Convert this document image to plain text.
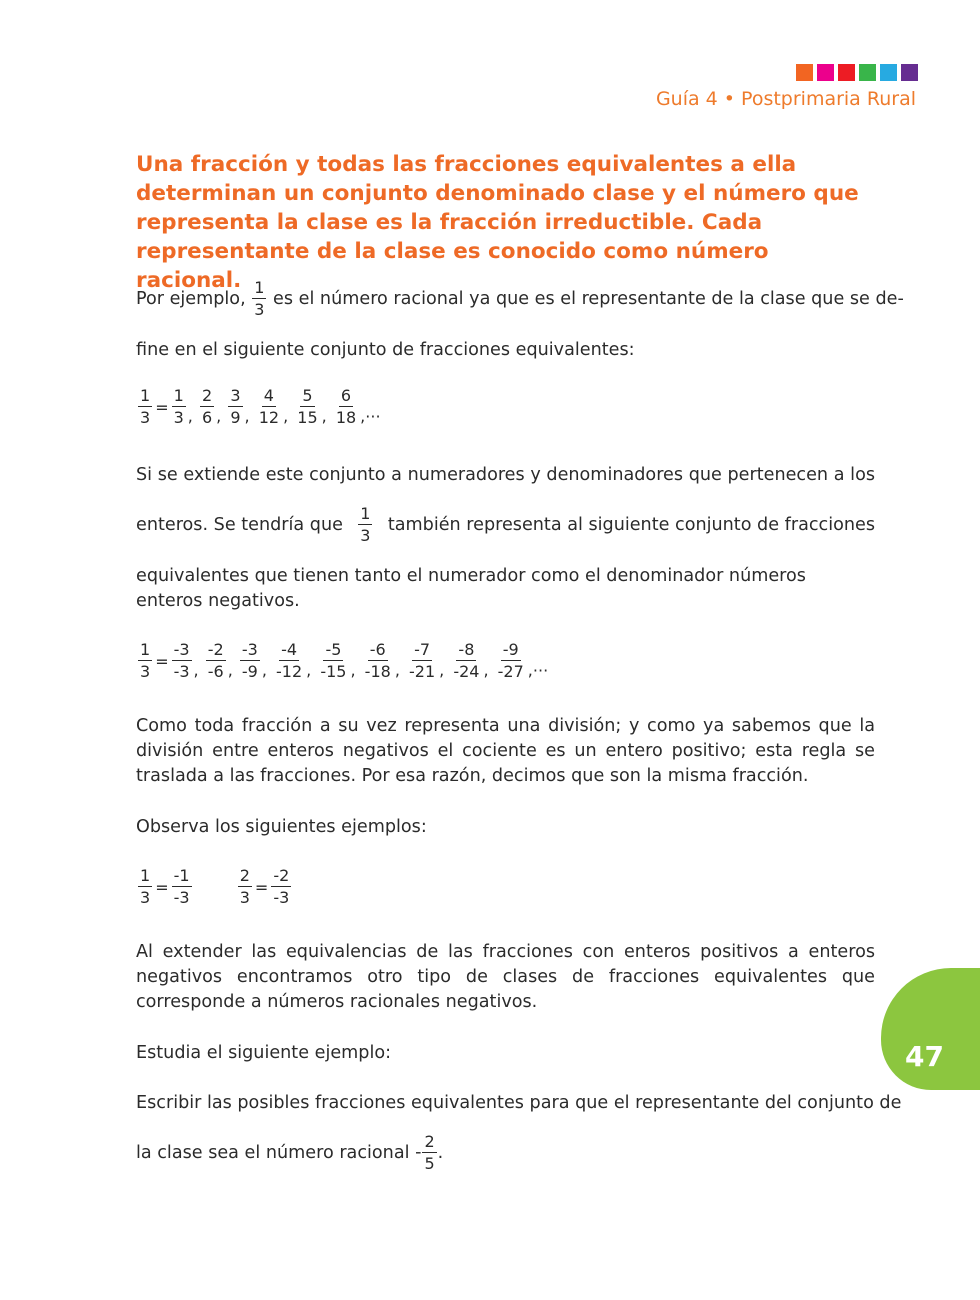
Guía 4 • Postprimaria Rural
Una fracción y todas las fracciones equivalentes a ella determinan un conjunto denominado clase y el número que representa la clase es la fracción irreductible. Cada representante de la clase es conocido como número racional.
Por ejemplo, $\frac{1}{3}$ es el número racional ya que es el representante de la clase que se de-
fine en el siguiente conjunto de fracciones equivalentes:
$\frac{1}{3} = \frac{1}{3}$ , $\frac{2}{6}$ , $\frac{3}{9}$ , $\frac{4}{12}$ , $\frac{5}{15}$ , $\frac{6}{18}$ ,...
Si se extiende este conjunto a numeradores y denominadores que pertenecen a los
enteros. Se tendría que $\frac{1}{3}$ también representa al siguiente conjunto de fracciones
equivalentes que tienen tanto el numerador como el denominador números enteros negativos.
$\frac{1}{3} = \frac{-3}{-3}$ , $\frac{-2}{-6}$ , $\frac{-3}{-9}$ , $\frac{-4}{-12}$ , $\frac{-5}{-15}$ , $\frac{-6}{-18}$ , $\frac{-7}{-21}$ , $\frac{-8}{-24}$ , $\frac{-9}{-27}$ ,...
Como toda fracción a su vez representa una división; y como ya sabemos que la división entre enteros negativos el cociente es un entero positivo; esta regla se traslada a las fracciones. Por esa razón, decimos que son la misma fracción.
Observa los siguientes ejemplos:
$\frac{1}{3} = \frac{-1}{-3}$
	$\frac{2}{3} = \frac{-2}{-3}$
Al extender las equivalencias de las fracciones con enteros positivos a enteros negativos encontramos otro tipo de clases de fracciones equivalentes que corresponde a números racionales negativos.
Estudia el siguiente ejemplo:
Escribir las posibles fracciones equivalentes para que el representante del conjunto de
la clase sea el número racional - $\frac{2}{5}$ .
47
